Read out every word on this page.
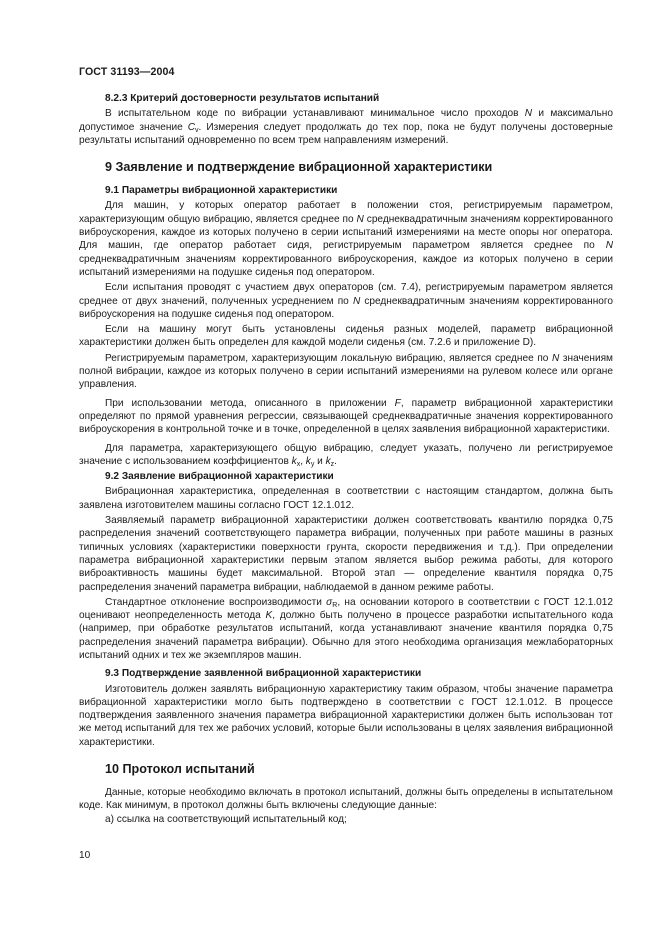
ГОСТ 31193—2004
8.2.3 Критерий достоверности результатов испытаний

В испытательном коде по вибрации устанавливают минимальное число проходов N и максимально допустимое значение $C_v$. Измерения следует продолжать до тех пор, пока не будут получены достоверные результаты испытаний одновременно по всем трем направлениям измерений.

9 Заявление и подтверждение вибрационной характеристики
9.1 Параметры вибрационной характеристики

Для машин, у которых оператор работает в положении стоя, регистрируемым параметром, характеризующим общую вибрацию, является среднее по N среднеквадратичным значениям корректированного виброускорения, каждое из которых получено в серии испытаний измерениями на месте опоры ног оператора. Для машин, где оператор работает сидя, регистрируемым параметром является среднее по N среднеквадратичным значениям корректированного виброускорения, каждое из которых получено в серии испытаний измерениями на подушке сиденья под оператором.

Если испытания проводят с участием двух операторов (см. 7.4), регистрируемым параметром является среднее от двух значений, полученных усреднением по N среднеквадратичным значениям корректированного виброускорения на подушке сиденья под оператором.

Если на машину могут быть установлены сиденья разных моделей, параметр вибрационной характеристики должен быть определен для каждой модели сиденья (см. 7.2.6 и приложение D).

Регистрируемым параметром, характеризующим локальную вибрацию, является среднее по N значениям полной вибрации, каждое из которых получено в серии испытаний измерениями на рулевом колесе или органе управления.

При использовании метода, описанного в приложении F, параметр вибрационной характеристики определяют по прямой уравнения регрессии, связывающей среднеквадратичные значения корректированного виброускорения в контрольной точке и в точке, определенной в целях заявления вибрационной характеристики.

Для параметра, характеризующего общую вибрацию, следует указать, получено ли регистрируемое значение с использованием коэффициентов $k_x$, $k_y$ и $k_z$.

9.2 Заявление вибрационной характеристики

Вибрационная характеристика, определенная в соответствии с настоящим стандартом, должна быть заявлена изготовителем машины согласно ГОСТ 12.1.012.

Заявляемый параметр вибрационной характеристики должен соответствовать квантилю порядка 0,75 распределения значений соответствующего параметра вибрации, полученных при работе машины в разных типичных условиях (характеристики поверхности грунта, скорости передвижения и т.д.). При определении параметра вибрационной характеристики первым этапом является выбор режима работы, для которого виброактивность машины будет максимальной. Второй этап — определение квантиля порядка 0,75 распределения значений параметра вибрации, наблюдаемой в данном режиме работы.

Стандартное отклонение воспроизводимости $\sigma_R$, на основании которого в соответствии с ГОСТ 12.1.012 оценивают неопределенность метода K, должно быть получено в процессе разработки испытательного кода (например, при обработке результатов испытаний, когда устанавливают значение квантиля порядка 0,75 распределения значений параметра вибрации). Обычно для этого необходима организация межлабораторных испытаний одних и тех же экземпляров машин.

9.3 Подтверждение заявленной вибрационной характеристики

Изготовитель должен заявлять вибрационную характеристику таким образом, чтобы значение параметра вибрационной характеристики могло быть подтверждено в соответствии с ГОСТ 12.1.012. В процессе подтверждения заявленного значения параметра вибрационной характеристики должен быть использован тот же метод испытаний для тех же рабочих условий, которые были использованы в целях заявления вибрационной характеристики.

10 Протокол испытаний

Данные, которые необходимо включать в протокол испытаний, должны быть определены в испытательном коде. Как минимум, в протокол должны быть включены следующие данные:

а) ссылка на соответствующий испытательный код;
10
